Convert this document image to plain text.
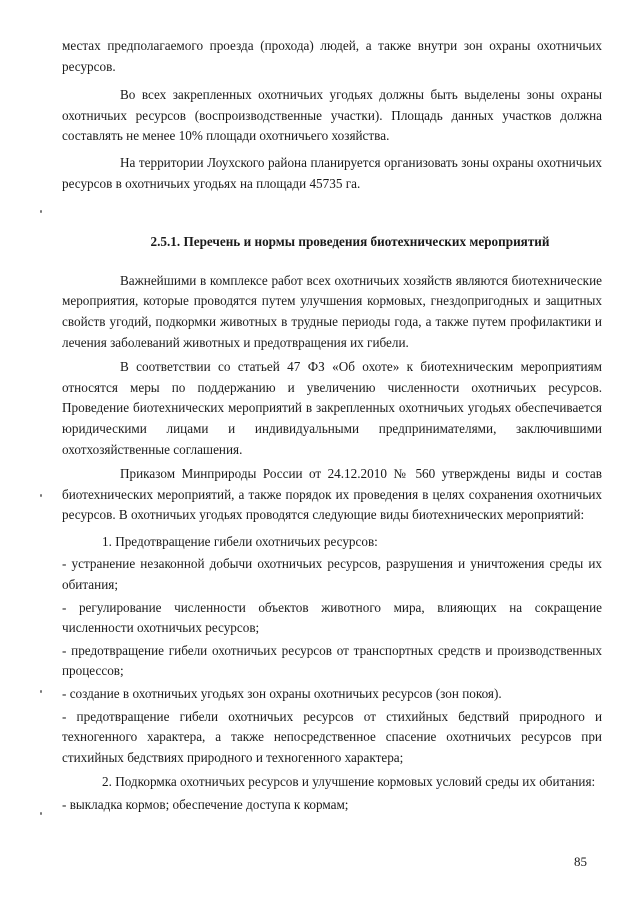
местах предполагаемого проезда (прохода) людей, а также внутри зон охраны охотничьих ресурсов.

Во всех закрепленных охотничьих угодьях должны быть выделены зоны охраны охотничьих ресурсов (воспроизводственные участки). Площадь данных участков должна составлять не менее 10% площади охотничьего хозяйства.

На территории Лоухского района планируется организовать зоны охраны охотничьих ресурсов в охотничьих угодьях на площади 45735 га.

2.5.1. Перечень и нормы проведения биотехнических мероприятий

Важнейшими в комплексе работ всех охотничьих хозяйств являются биотехнические мероприятия, которые проводятся путем улучшения кормовых, гнездопригодных и защитных свойств угодий, подкормки животных в трудные периоды года, а также путем профилактики и лечения заболеваний животных и предотвращения их гибели.

В соответствии со статьей 47 ФЗ «Об охоте» к биотехническим мероприятиям относятся меры по поддержанию и увеличению численности охотничьих ресурсов. Проведение биотехнических мероприятий в закрепленных охотничьих угодьях обеспечивается юридическими лицами и индивидуальными предпринимателями, заключившими охотхозяйственные соглашения.

Приказом Минприроды России от 24.12.2010 № 560 утверждены виды и состав биотехнических мероприятий, а также порядок их проведения в целях сохранения охотничьих ресурсов. В охотничьих угодьях проводятся следующие виды биотехнических мероприятий:

1. Предотвращение гибели охотничьих ресурсов:

- устранение незаконной добычи охотничьих ресурсов, разрушения и уничтожения среды их обитания;

- регулирование численности объектов животного мира, влияющих на сокращение численности охотничьих ресурсов;

- предотвращение гибели охотничьих ресурсов от транспортных средств и производственных процессов;

- создание в охотничьих угодьях зон охраны охотничьих ресурсов (зон покоя).

- предотвращение гибели охотничьих ресурсов от стихийных бедствий природного и техногенного характера, а также непосредственное спасение охотничьих ресурсов при стихийных бедствиях природного и техногенного характера;

2. Подкормка охотничьих ресурсов и улучшение кормовых условий среды их обитания:

- выкладка кормов; обеспечение доступа к кормам;

85
